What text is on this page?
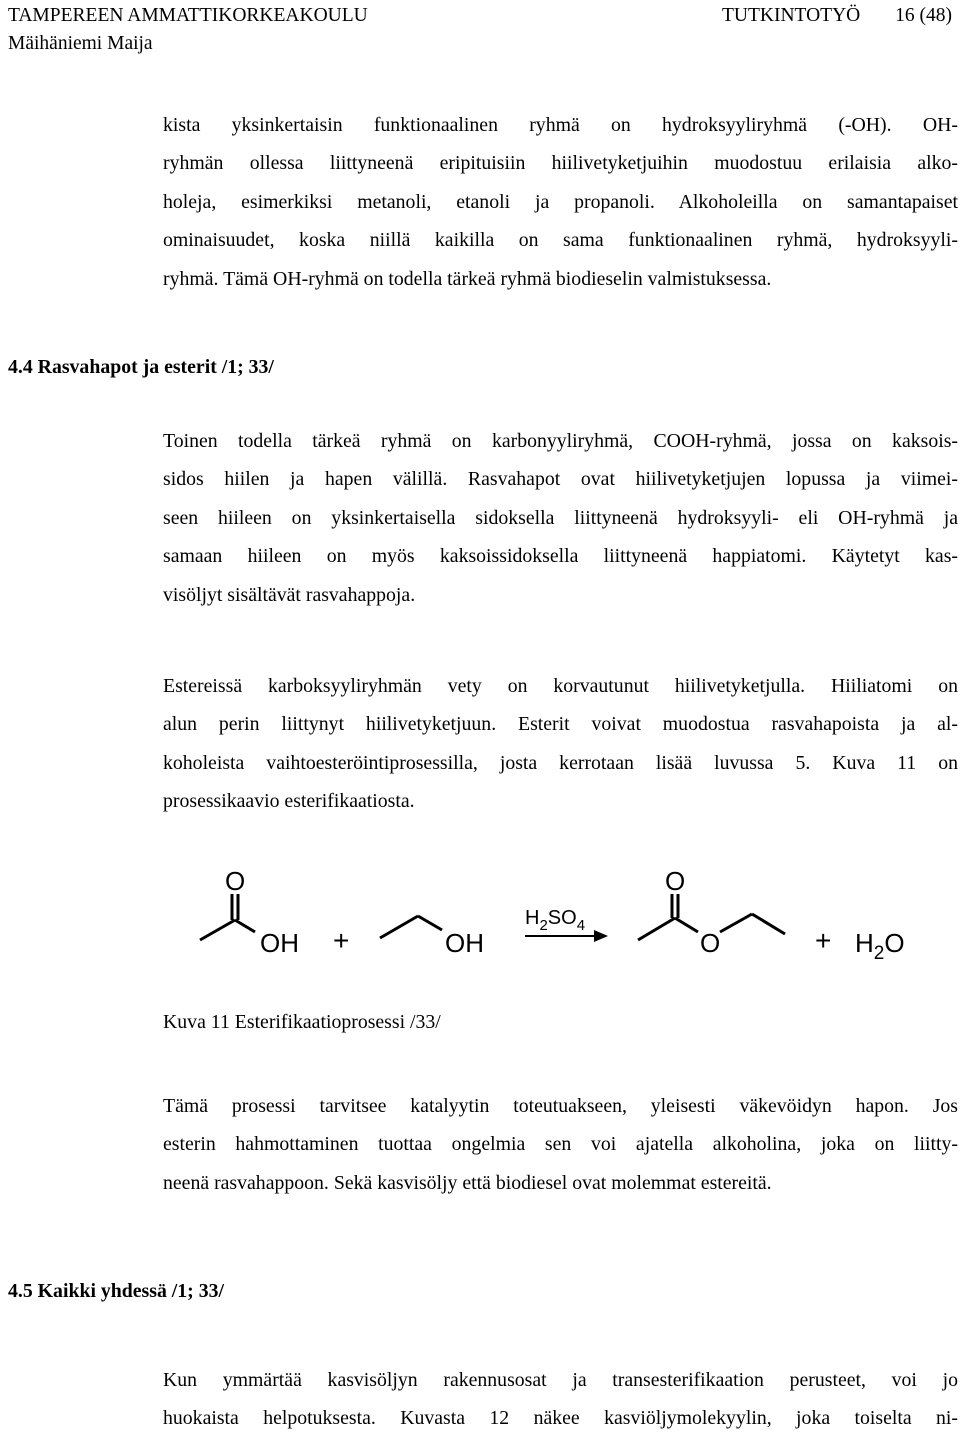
TAMPEREEN AMMATTIKORKEAKOULU	TUTKINTOTYÖ 16 (48)
Mäihäniemi Maija
kista yksinkertaisin funktionaalinen ryhmä on hydroksyyliryhmä (-OH). OH-
ryhmän ollessa liittyneenä eripituisiin hiilivetyketjuihin muodostuu erilaisia alko-
holeja, esimerkiksi metanoli, etanoli ja propanoli. Alkoholeilla on samantapaiset
ominaisuudet, koska niillä kaikilla on sama funktionaalinen ryhmä, hydroksyyli-
ryhmä. Tämä OH-ryhmä on todella tärkeä ryhmä biodieselin valmistuksessa.
4.4 Rasvahapot ja esterit /1; 33/
Toinen todella tärkeä ryhmä on karbonyyliryhmä, COOH-ryhmä, jossa on kaksois-
sidos hiilen ja hapen välillä. Rasvahapot ovat hiilivetyketjujen lopussa ja viimei-
seen hiileen on yksinkertaisella sidoksella liittyneenä hydroksyyli- eli OH-ryhmä ja
samaan hiileen on myös kaksoissidoksella liittyneenä happiatomi. Käytetyt kas-
visöljyt sisältävät rasvahappoja.
Estereissä karboksyyliryhmän vety on korvautunut hiilivetyketjulla. Hiiliatomi on
alun perin liittynyt hiilivetyketjuun. Esterit voivat muodostua rasvahapoista ja al-
koholeista vaihtoesteröintiprosessilla, josta kerrotaan lisää luvussa 5. Kuva 11 on
prosessikaavio esterifikaatiosta.
O
OH +	OH
$H_2SO_4$
O
O	+ $H_2O$

Kuva 11 Esterifikaatioprosessi /33/

Tämä prosessi tarvitsee katalyytin toteutuakseen, yleisesti väkevöidyn hapon. Jos
esterin hahmottaminen tuottaa ongelmia sen voi ajatella alkoholina, joka on liitty-
neenä rasvahappoon. Sekä kasvisöljy että biodiesel ovat molemmat estereitä.
4.5 Kaikki yhdessä /1; 33/
Kun ymmärtää kasvisöljyn rakennusosat ja transesterifikaation perusteet, voi jo
huokaista helpotuksesta. Kuvasta 12 näkee kasviöljymolekyylin, joka toiselta ni-
